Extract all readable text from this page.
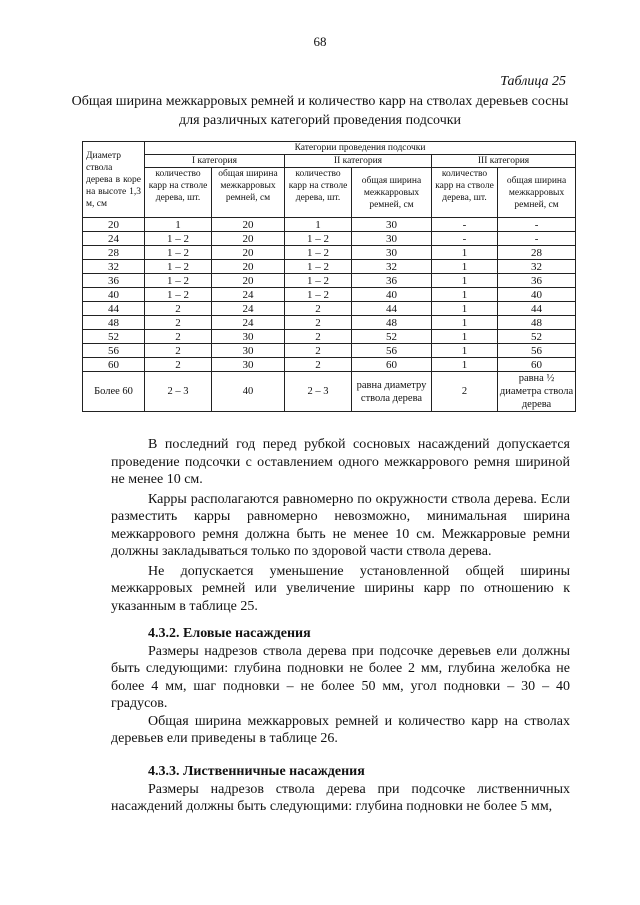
68
Таблица 25
Общая ширина межкарровых ремней и количество карр на стволах деревьев сосны для различных категорий проведения подсочки
Диаметр ствола дерева в коре на высоте 1,3 м, см	Категории проведения подсочки					
	I категория		II категория		III категория	
	количество карр на стволе дерева, шт.	общая ширина межкарровых ремней, см	количество карр на стволе дерева, шт.	общая ширина межкарровых ремней, см	количество карр на стволе дерева, шт.	общая ширина межкарровых ремней, см
20	1	20	1	30	-	-
24	1 – 2	20	1 – 2	30	-	-
28	1 – 2	20	1 – 2	30	1	28
32	1 – 2	20	1 – 2	32	1	32
36	1 – 2	20	1 – 2	36	1	36
40	1 – 2	24	1 – 2	40	1	40
44	2	24	2	44	1	44
48	2	24	2	48	1	48
52	2	30	2	52	1	52
56	2	30	2	56	1	56
60	2	30	2	60	1	60
Более 60	2 – 3	40	2 – 3	равна диаметру ствола дерева	2	равна ½ диаметра ствола дерева

В последний год перед рубкой сосновых насаждений допускается проведение подсочки с оставлением одного межкаррового ремня шириной не менее 10 см.

Карры располагаются равномерно по окружности ствола дерева. Если разместить карры равномерно невозможно, минимальная ширина межкаррового ремня должна быть не менее 10 см. Межкарровые ремни должны закладываться только по здоровой части ствола дерева.

Не допускается уменьшение установленной общей ширины межкарровых ремней или увеличение ширины карр по отношению к указанным в таблице 25.

4.3.2. Еловые насаждения

Размеры надрезов ствола дерева при подсочке деревьев ели должны быть следующими: глубина подновки не более 2 мм, глубина желобка не более 4 мм, шаг подновки – не более 50 мм, угол подновки – 30 – 40 градусов.

Общая ширина межкарровых ремней и количество карр на стволах деревьев ели приведены в таблице 26.

4.3.3. Лиственничные насаждения

Размеры надрезов ствола дерева при подсочке лиственничных насаждений должны быть следующими: глубина подновки не более 5 мм,
